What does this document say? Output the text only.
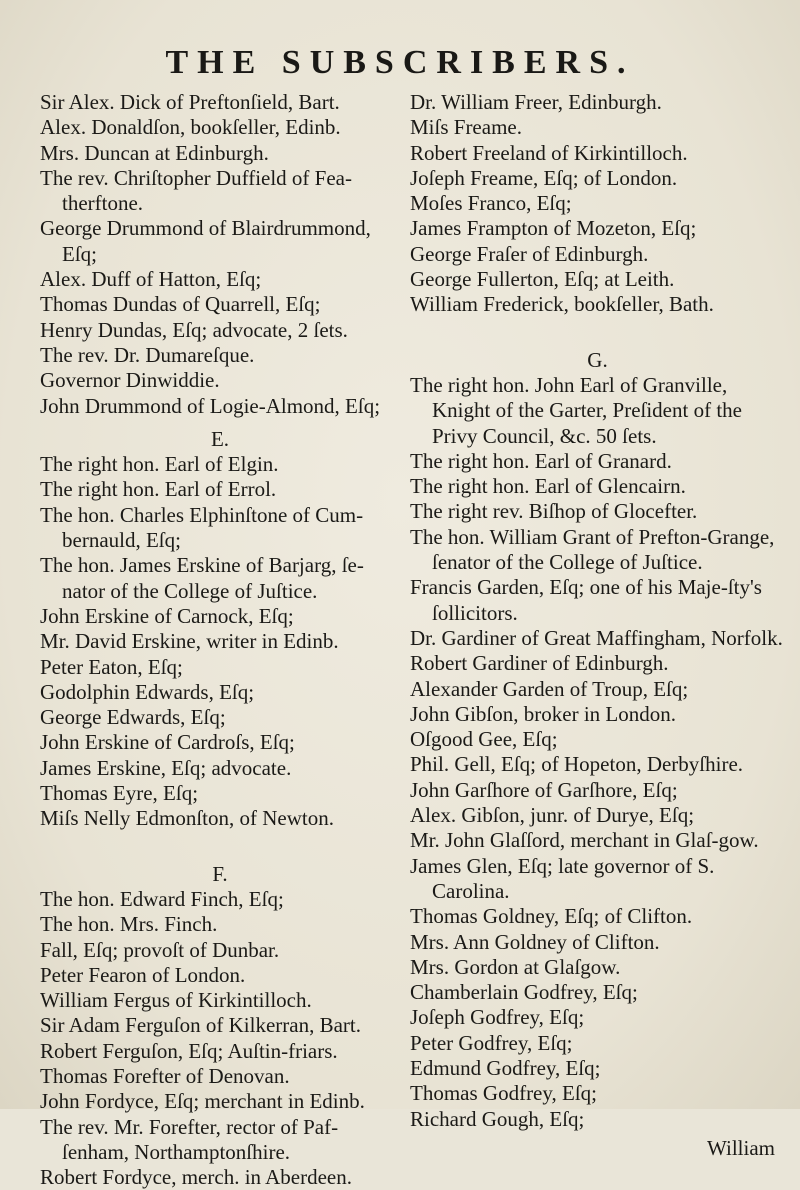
THE SUBSCRIBERS.

Sir Alex. Dick of Preftonſield, Bart.

Alex. Donaldſon, bookſeller, Edinb.

Mrs. Duncan at Edinburgh.

The rev. Chriſtopher Duffield of Fea-therftone.

George Drummond of Blairdrummond, Eſq;

Alex. Duff of Hatton, Eſq;

Thomas Dundas of Quarrell, Eſq;

Henry Dundas, Eſq; advocate, 2 ſets.

The rev. Dr. Dumareſque.

Governor Dinwiddie.

John Drummond of Logie-Almond, Eſq;

E.

The right hon. Earl of Elgin.

The right hon. Earl of Errol.

The hon. Charles Elphinſtone of Cum-bernauld, Eſq;

The hon. James Erskine of Barjarg, ſe-nator of the College of Juſtice.

John Erskine of Carnock, Eſq;

Mr. David Erskine, writer in Edinb.

Peter Eaton, Eſq;

Godolphin Edwards, Eſq;

George Edwards, Eſq;

John Erskine of Cardroſs, Eſq;

James Erskine, Eſq; advocate.

Thomas Eyre, Eſq;

Miſs Nelly Edmonſton, of Newton.

F.

The hon. Edward Finch, Eſq;

The hon. Mrs. Finch.

Fall, Eſq; provoſt of Dunbar.

Peter Fearon of London.

William Fergus of Kirkintilloch.

Sir Adam Ferguſon of Kilkerran, Bart.

Robert Ferguſon, Eſq; Auſtin-friars.

Thomas Forefter of Denovan.

John Fordyce, Eſq; merchant in Edinb.

The rev. Mr. Forefter, rector of Paf-ſenham, Northamptonſhire.

Robert Fordyce, merch. in Aberdeen.

Dr. William Freer, Edinburgh.

Miſs Freame.

Robert Freeland of Kirkintilloch.

Joſeph Freame, Eſq; of London.

Moſes Franco, Eſq;

James Frampton of Mozeton, Eſq;

George Fraſer of Edinburgh.

George Fullerton, Eſq; at Leith.

William Frederick, bookſeller, Bath.

G.

The right hon. John Earl of Granville, Knight of the Garter, Preſident of the Privy Council, &c. 50 ſets.

The right hon. Earl of Granard.

The right hon. Earl of Glencairn.

The right rev. Biſhop of Glocefter.

The hon. William Grant of Prefton-Grange, ſenator of the College of Juſtice.

Francis Garden, Eſq; one of his Maje-ſty's ſollicitors.

Dr. Gardiner of Great Maffingham, Norfolk.

Robert Gardiner of Edinburgh.

Alexander Garden of Troup, Eſq;

John Gibſon, broker in London.

Oſgood Gee, Eſq;

Phil. Gell, Eſq; of Hopeton, Derbyſhire.

John Garſhore of Garſhore, Eſq;

Alex. Gibſon, junr. of Durye, Eſq;

Mr. John Glaſſord, merchant in Glaſ-gow.

James Glen, Eſq; late governor of S. Carolina.

Thomas Goldney, Eſq; of Clifton.

Mrs. Ann Goldney of Clifton.

Mrs. Gordon at Glaſgow.

Chamberlain Godfrey, Eſq;

Joſeph Godfrey, Eſq;

Peter Godfrey, Eſq;

Edmund Godfrey, Eſq;

Thomas Godfrey, Eſq;

Richard Gough, Eſq;

William
